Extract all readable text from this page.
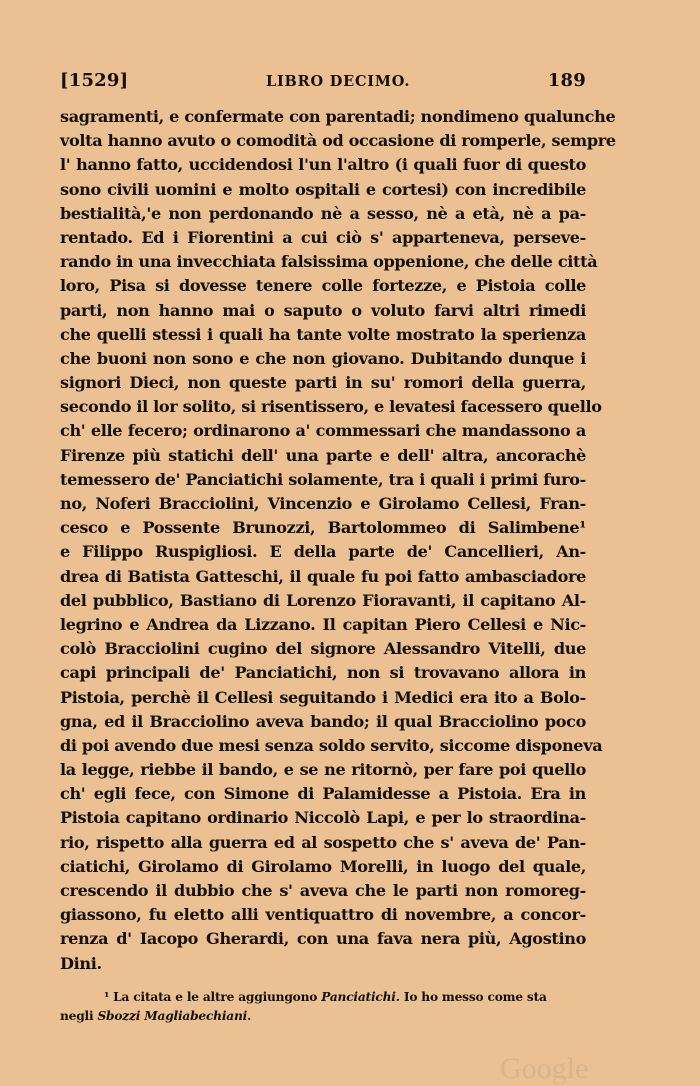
[1529]	LIBRO DECIMO.	189
sagramenti, e confermate con parentadi; nondimeno qualunche
volta hanno avuto o comodità od occasione di romperle, sempre
l' hanno fatto, uccidendosi l'un l'altro (i quali fuor di questo
sono civili uomini e molto ospitali e cortesi) con incredibile
bestialità,'e non perdonando nè a sesso, nè a età, nè a pa-
rentado. Ed i Fiorentini a cui ciò s' apparteneva, perseve-
rando in una invecchiata falsissima oppenione, che delle città
loro, Pisa si dovesse tenere colle fortezze, e Pistoia colle
parti, non hanno mai o saputo o voluto farvi altri rimedi
che quelli stessi i quali ha tante volte mostrato la sperienza
che buoni non sono e che non giovano. Dubitando dunque i
signori Dieci, non queste parti in su' romori della guerra,
secondo il lor solito, si risentissero, e levatesi facessero quello
ch' elle fecero; ordinarono a' commessari che mandassono a
Firenze più statichi dell' una parte e dell' altra, ancorachè
temessero de' Panciatichi solamente, tra i quali i primi furo-
no, Noferi Bracciolini, Vincenzio e Girolamo Cellesi, Fran-
cesco e Possente Brunozzi, Bartolommeo di Salimbene¹
e Filippo Ruspigliosi. E della parte de' Cancellieri, An-
drea di Batista Gatteschi, il quale fu poi fatto ambasciadore
del pubblico, Bastiano di Lorenzo Fioravanti, il capitano Al-
legrino e Andrea da Lizzano. Il capitan Piero Cellesi e Nic-
colò Bracciolini cugino del signore Alessandro Vitelli, due
capi principali de' Panciatichi, non si trovavano allora in
Pistoia, perchè il Cellesi seguitando i Medici era ito a Bolo-
gna, ed il Bracciolino aveva bando; il qual Bracciolino poco
di poi avendo due mesi senza soldo servito, siccome disponeva
la legge, riebbe il bando, e se ne ritornò, per fare poi quello
ch' egli fece, con Simone di Palamidesse a Pistoia. Era in
Pistoia capitano ordinario Niccolò Lapi, e per lo straordina-
rio, rispetto alla guerra ed al sospetto che s' aveva de' Pan-
ciatichi, Girolamo di Girolamo Morelli, in luogo del quale,
crescendo il dubbio che s' aveva che le parti non romoreg-
giassono, fu eletto alli ventiquattro di novembre, a concor-
renza d' Iacopo Gherardi, con una fava nera più, Agostino
Dini.
¹ La citata e le altre aggiungono Panciatichi. Io ho messo come sta
negli Sbozzi Magliabechiani.
Google
